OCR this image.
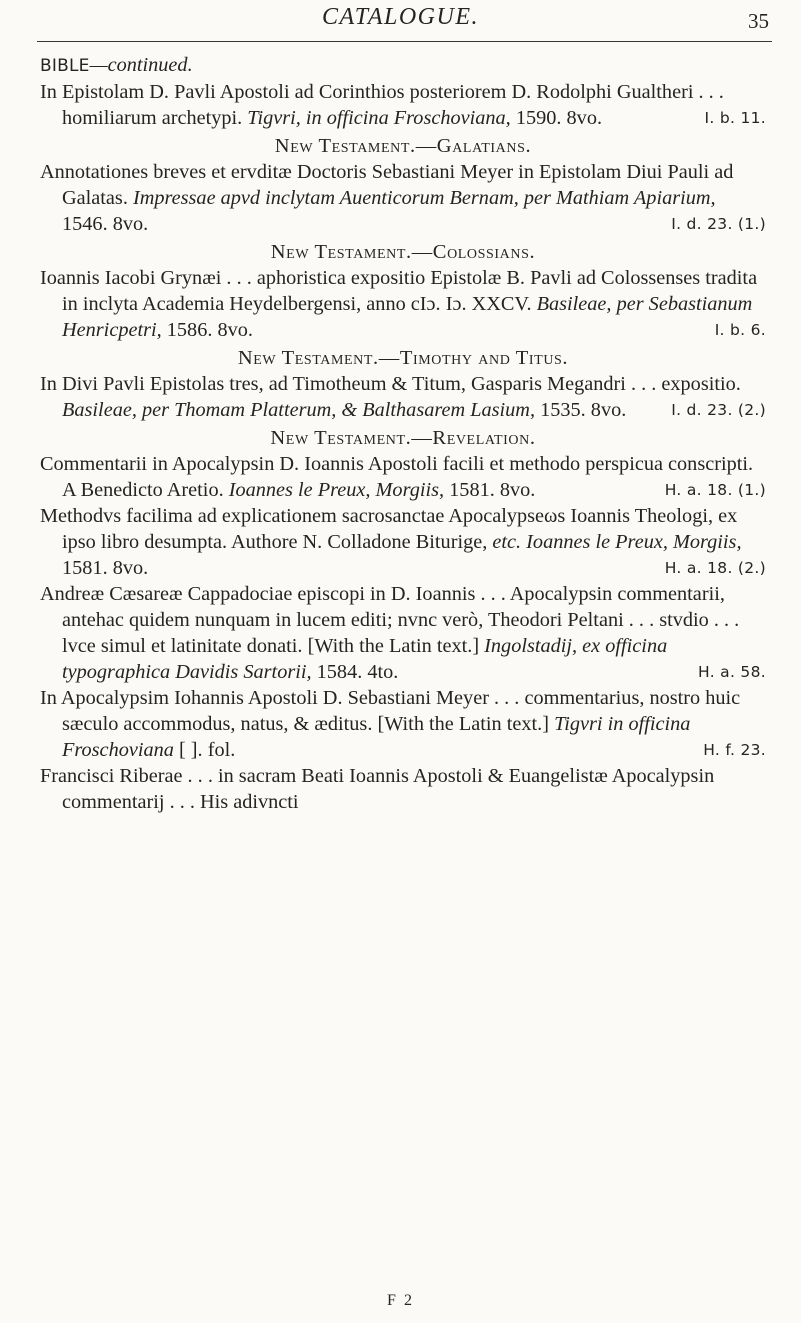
CATALOGUE.	35

BIBLE—continued.

In Epistolam D. Pavli Apostoli ad Corinthios posteriorem D. Rodolphi Gualtheri . . . homiliarum archetypi. Tigvri, in officina Froschoviana, 1590. 8vo.	I. b. 11.

New Testament.—Galatians.

Annotationes breves et ervditæ Doctoris Sebastiani Meyer in Epistolam Diui Pauli ad Galatas. Impressae apvd inclytam Auenticorum Bernam, per Mathiam Apiarium, 1546. 8vo.	I. d. 23. (1.)

New Testament.—Colossians.

Ioannis Iacobi Grynæi . . . aphoristica expositio Epistolæ B. Pavli ad Colossenses tradita in inclyta Academia Heydelbergensi, anno cIɔ. Iɔ. XXCV. Basileae, per Sebastianum Henricpetri, 1586. 8vo.	I. b. 6.

New Testament.—Timothy and Titus.

In Divi Pavli Epistolas tres, ad Timotheum & Titum, Gasparis Megandri . . . expositio. Basileae, per Thomam Platterum, & Balthasarem Lasium, 1535. 8vo.	I. d. 23. (2.)

New Testament.—Revelation.

Commentarii in Apocalypsin D. Ioannis Apostoli facili et methodo perspicua conscripti. A Benedicto Aretio. Ioannes le Preux, Morgiis, 1581. 8vo.	H. a. 18. (1.)

Methodvs facilima ad explicationem sacrosanctae Apocalypseωs Ioannis Theologi, ex ipso libro desumpta. Authore N. Colladone Biturige, etc. Ioannes le Preux, Morgiis, 1581. 8vo.	H. a. 18. (2.)

Andreæ Cæsareæ Cappadociae episcopi in D. Ioannis . . . Apocalypsin commentarii, antehac quidem nunquam in lucem editi; nvnc verò, Theodori Peltani . . . stvdio . . . lvce simul et latinitate donati. [With the Latin text.] Ingolstadij, ex officina typographica Davidis Sartorii, 1584. 4to.	H. a. 58.

In Apocalypsim Iohannis Apostoli D. Sebastiani Meyer . . . commentarius, nostro huic sæculo accommodus, natus, & æditus. [With the Latin text.] Tigvri in officina Froschoviana [ ]. fol.	H. f. 23.

Francisci Riberae . . . in sacram Beati Ioannis Apostoli & Euangelistæ Apocalypsin commentarij . . . His adivncti

F 2
